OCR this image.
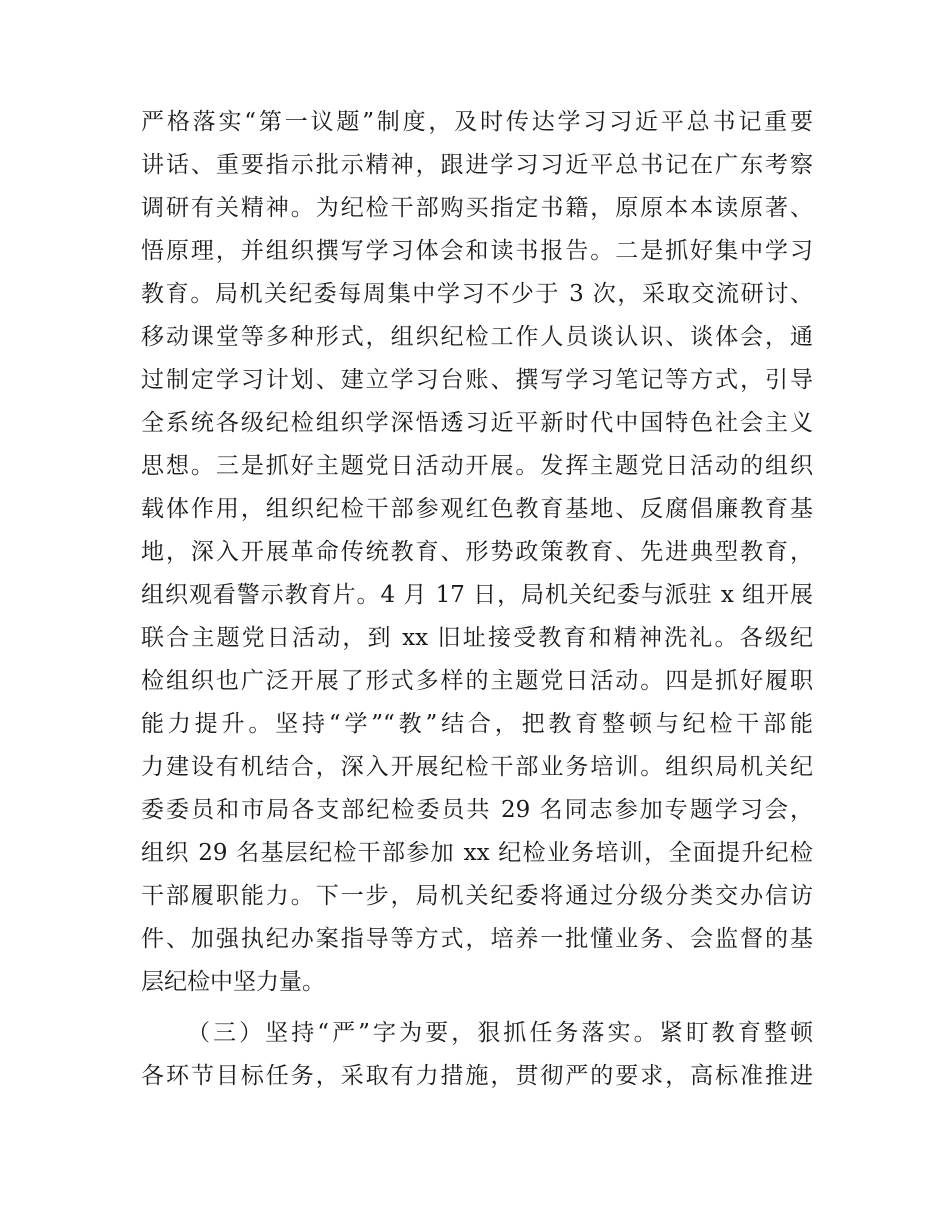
严格落实“第一议题”制度，及时传达学习习近平总书记重要
讲话、重要指示批示精神，跟进学习习近平总书记在广东考察
调研有关精神。为纪检干部购买指定书籍，原原本本读原著、
悟原理，并组织撰写学习体会和读书报告。二是抓好集中学习
教育。局机关纪委每周集中学习不少于 3 次，采取交流研讨、
移动课堂等多种形式，组织纪检工作人员谈认识、谈体会，通
过制定学习计划、建立学习台账、撰写学习笔记等方式，引导
全系统各级纪检组织学深悟透习近平新时代中国特色社会主义
思想。三是抓好主题党日活动开展。发挥主题党日活动的组织
载体作用，组织纪检干部参观红色教育基地、反腐倡廉教育基
地，深入开展革命传统教育、形势政策教育、先进典型教育，
组织观看警示教育片。4 月 17 日，局机关纪委与派驻 x 组开展
联合主题党日活动，到 xx 旧址接受教育和精神洗礼。各级纪
检组织也广泛开展了形式多样的主题党日活动。四是抓好履职
能力提升。坚持“学”“教”结合，把教育整顿与纪检干部能
力建设有机结合，深入开展纪检干部业务培训。组织局机关纪
委委员和市局各支部纪检委员共 29 名同志参加专题学习会，
组织 29 名基层纪检干部参加 xx 纪检业务培训，全面提升纪检
干部履职能力。下一步，局机关纪委将通过分级分类交办信访
件、加强执纪办案指导等方式，培养一批懂业务、会监督的基
层纪检中坚力量。
（三）坚持“严”字为要，狠抓任务落实。紧盯教育整顿
各环节目标任务，采取有力措施，贯彻严的要求，高标准推进
